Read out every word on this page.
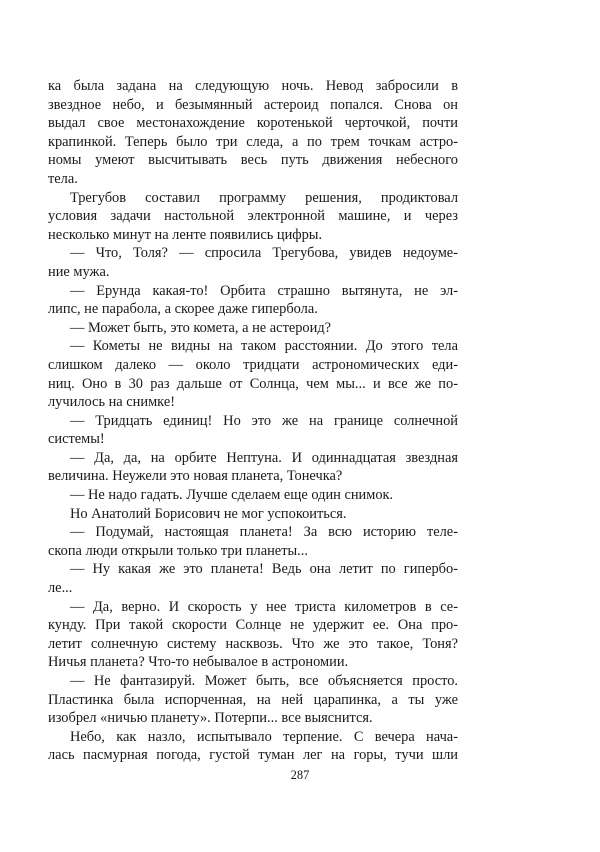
ка была задана на следующую ночь. Невод забросили в
звездное небо, и безымянный астероид попался. Снова он
выдал свое местонахождение коротенькой черточкой, почти
крапинкой. Теперь было три следа, а по трем точкам астро-
номы умеют высчитывать весь путь движения небесного
тела.
Трегубов составил программу решения, продиктовал
условия задачи настольной электронной машине, и через
несколько минут на ленте появились цифры.
— Что, Толя? — спросила Трегубова, увидев недоуме-
ние мужа.
— Ерунда какая-то! Орбита страшно вытянута, не эл-
липс, не парабола, а скорее даже гипербола.
— Может быть, это комета, а не астероид?
— Кометы не видны на таком расстоянии. До этого тела
слишком далеко — около тридцати астрономических еди-
ниц. Оно в 30 раз дальше от Солнца, чем мы... и все же по-
лучилось на снимке!
— Тридцать единиц! Но это же на границе солнечной
системы!
— Да, да, на орбите Нептуна. И одиннадцатая звездная
величина. Неужели это новая планета, Тонечка?
— Не надо гадать. Лучше сделаем еще один снимок.
Но Анатолий Борисович не мог успокоиться.
— Подумай, настоящая планета! За всю историю теле-
скопа люди открыли только три планеты...
— Ну какая же это планета! Ведь она летит по гипербо-
ле...
— Да, верно. И скорость у нее триста километров в се-
кунду. При такой скорости Солнце не удержит ее. Она про-
летит солнечную систему насквозь. Что же это такое, Тоня?
Ничья планета? Что-то небывалое в астрономии.
— Не фантазируй. Может быть, все объясняется просто.
Пластинка была испорченная, на ней царапинка, а ты уже
изобрел «ничью планету». Потерпи... все выяснится.
Небо, как назло, испытывало терпение. С вечера нача-
лась пасмурная погода, густой туман лег на горы, тучи шли
287
